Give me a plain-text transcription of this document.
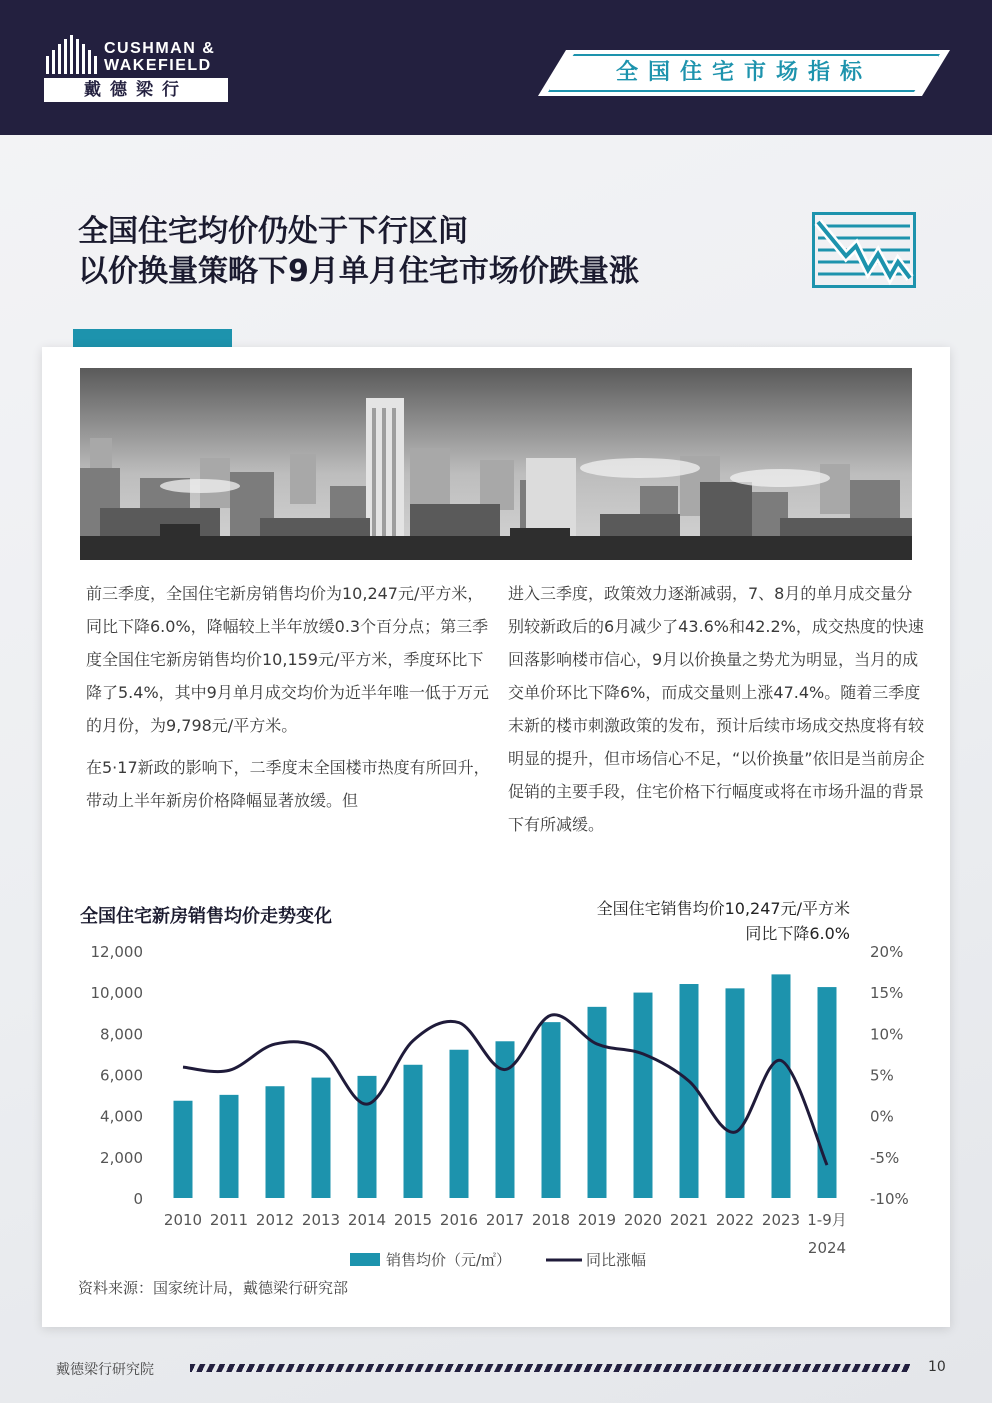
CUSHMAN &
WAKEFIELD
戴德梁行
全国住宅市场指标
全国住宅均价仍处于下行区间
以价换量策略下9月单月住宅市场价跌量涨

前三季度，全国住宅新房销售均价为10,247元/平方米，同比下降6.0%，降幅较上半年放缓0.3个百分点；第三季度全国住宅新房销售均价10,159元/平方米，季度环比下降了5.4%，其中9月单月成交均价为近半年唯一低于万元的月份，为9,798元/平方米。

在5·17新政的影响下，二季度末全国楼市热度有所回升，带动上半年新房价格降幅显著放缓。但

进入三季度，政策效力逐渐减弱，7、8月的单月成交量分别较新政后的6月减少了43.6%和42.2%，成交热度的快速回落影响楼市信心，9月以价换量之势尤为明显，当月的成交单价环比下降6%，而成交量则上涨47.4%。随着三季度末新的楼市刺激政策的发布，预计后续市场成交热度将有较明显的提升，但市场信心不足，“以价换量”依旧是当前房企促销的主要手段，住宅价格下行幅度或将在市场升温的背景下有所减缓。

全国住宅新房销售均价走势变化	全国住宅销售均价10,247元/平方米
同比下降6.0%
12,000
10,000
8,000
6,000
4,000
2,000
0
20%
15%
10%
5%
0%
-5%
-10%
2010 2011 2012 2013 2014 2015 2016 2017 2018 2019 2020 2021 2022 2023 1-9月
2024
销售均价（元/㎡）	同比涨幅
资料来源：国家统计局，戴德梁行研究部
戴德梁行研究院	10
